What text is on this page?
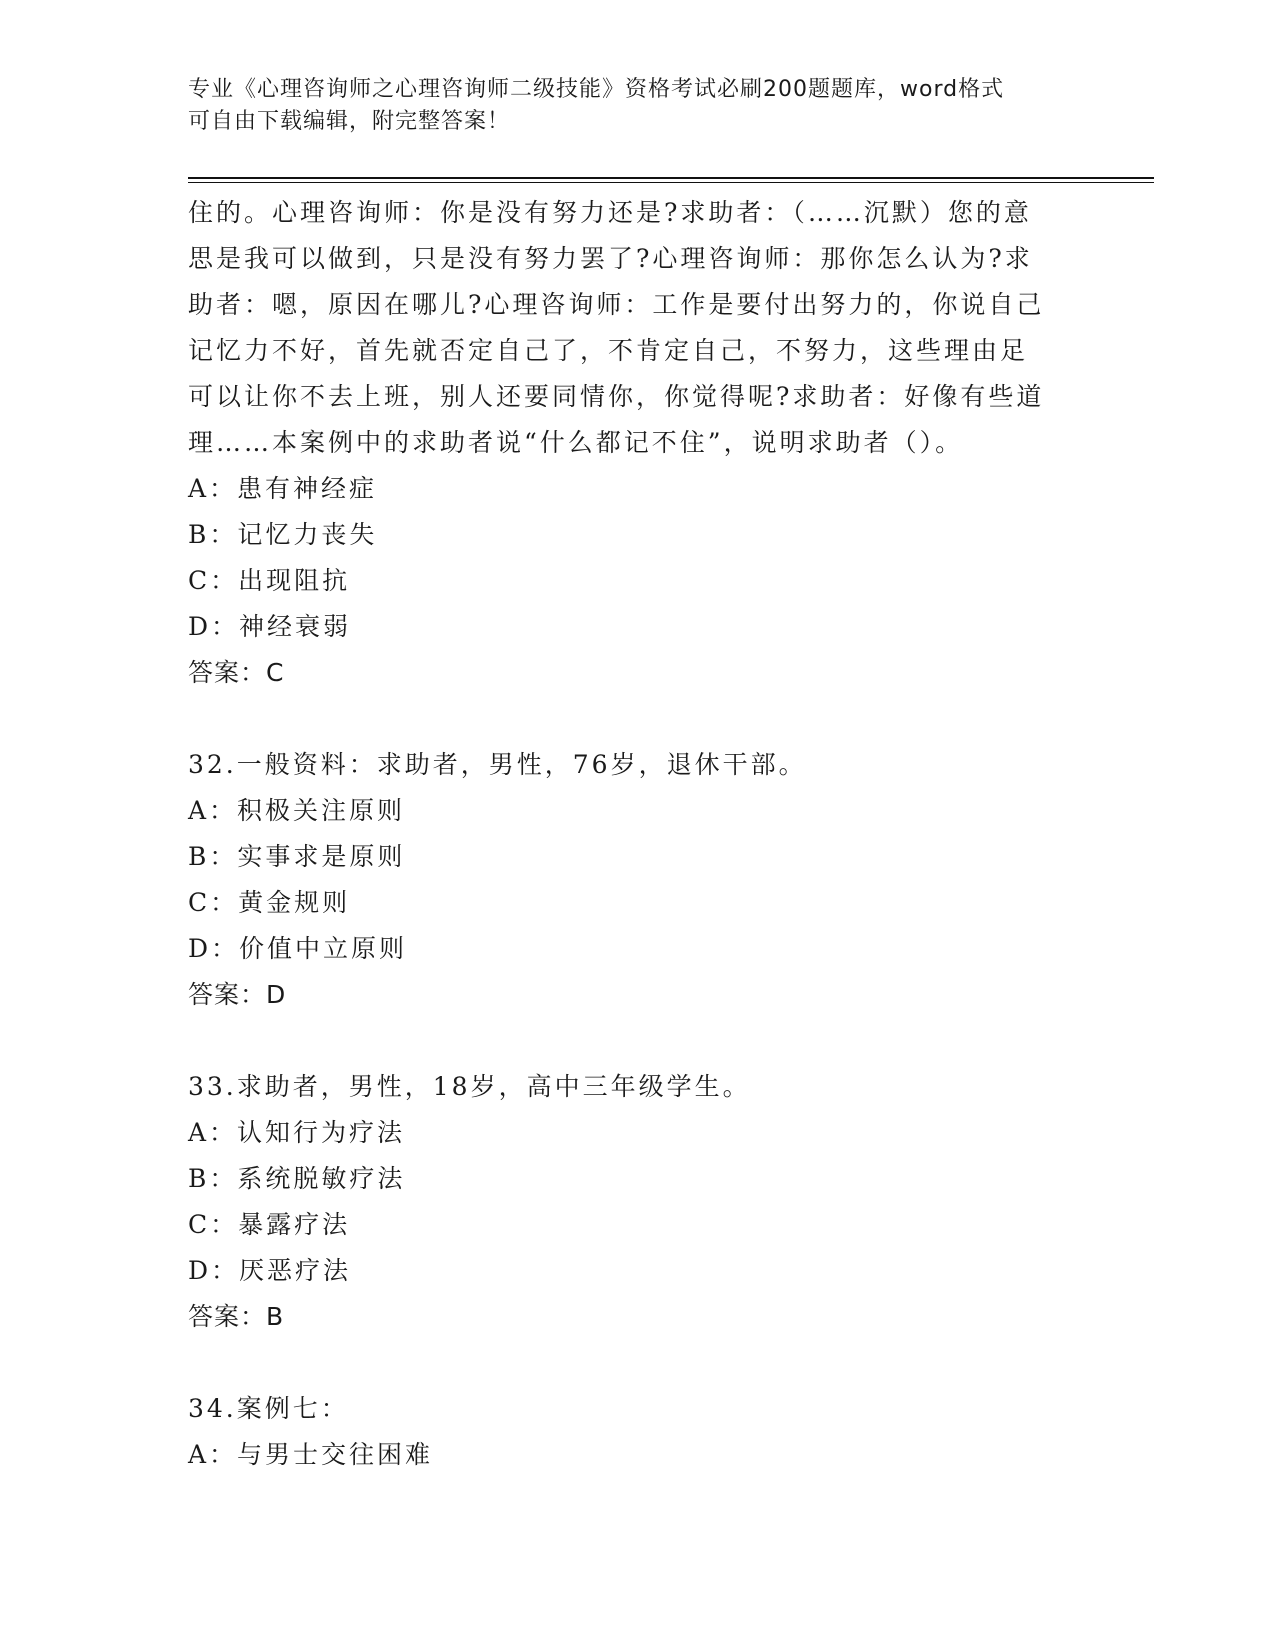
专业《心理咨询师之心理咨询师二级技能》资格考试必刷200题题库，word格式
可自由下载编辑，附完整答案！
住的。心理咨询师：你是没有努力还是?求助者：（……沉默）您的意
思是我可以做到，只是没有努力罢了?心理咨询师：那你怎么认为?求
助者：嗯，原因在哪儿?心理咨询师：工作是要付出努力的，你说自己
记忆力不好，首先就否定自己了，不肯定自己，不努力，这些理由足
可以让你不去上班，别人还要同情你，你觉得呢?求助者：好像有些道
理……本案例中的求助者说“什么都记不住”，说明求助者（）。
A：患有神经症
B：记忆力丧失
C：出现阻抗
D：神经衰弱
答案：C
32.一般资料：求助者，男性，76岁，退休干部。
A：积极关注原则
B：实事求是原则
C：黄金规则
D：价值中立原则
答案：D
33.求助者，男性，18岁，高中三年级学生。
A：认知行为疗法
B：系统脱敏疗法
C：暴露疗法
D：厌恶疗法
答案：B
34.案例七：
A：与男士交往困难
